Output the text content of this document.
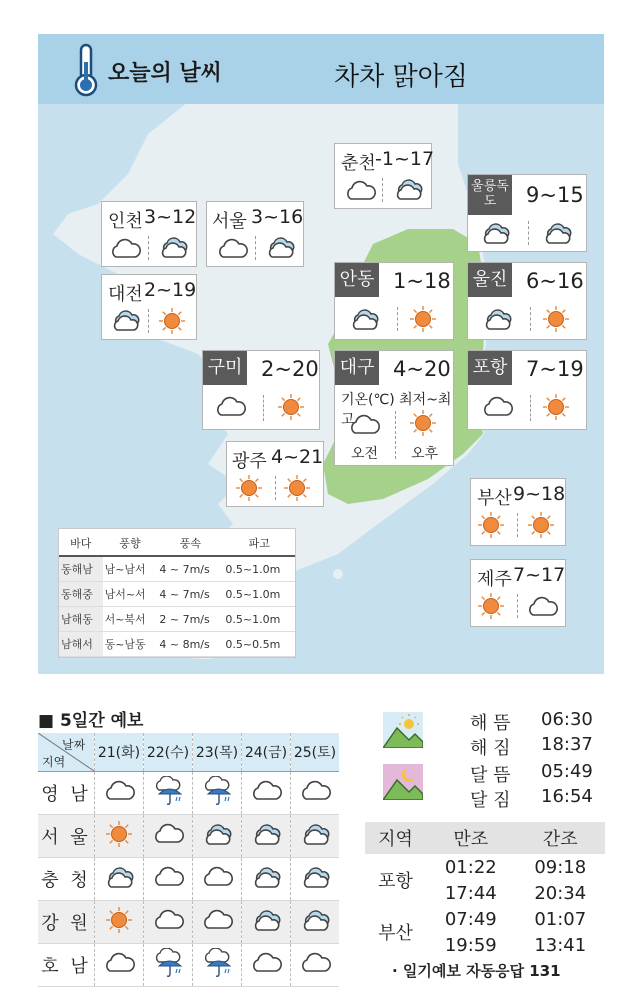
오늘의 날씨	차차 맑아짐
춘천 -1~17
인천 3~12 서울 3~16
울릉독도	9~15
대전 2~19	안동 1~18 울진 6~16
구미 2~20 대구 4~20
기온(℃) 최저~최고
오전 오후
포항 7~19
광주 4~21
부산 9~18
제주 7~17
바다	풍향	풍속	파고
동해남	남~남서	4 ~ 7m/s	0.5~1.0m
동해중	남서~서	4 ~ 7m/s	0.5~1.0m
남해동	서~북서	2 ~ 7m/s	0.5~1.0m
남해서	동~남동	4 ~ 8m/s	0.5~0.5m
■ 5일간 예보
날짜
지역	21(화)	22(수)	23(목)	24(금)	25(토)
영 남					
서 울					
충 청					
강 원					
호 남					
해 뜸 06:30
해 짐 18:37
달 뜸 05:49
달 짐 16:54
지역	만조	간조
포항	01:22	09:18
	17:44	20:34
부산	07:49	01:07
	19:59	13:41
· 일기예보 자동응답 131
